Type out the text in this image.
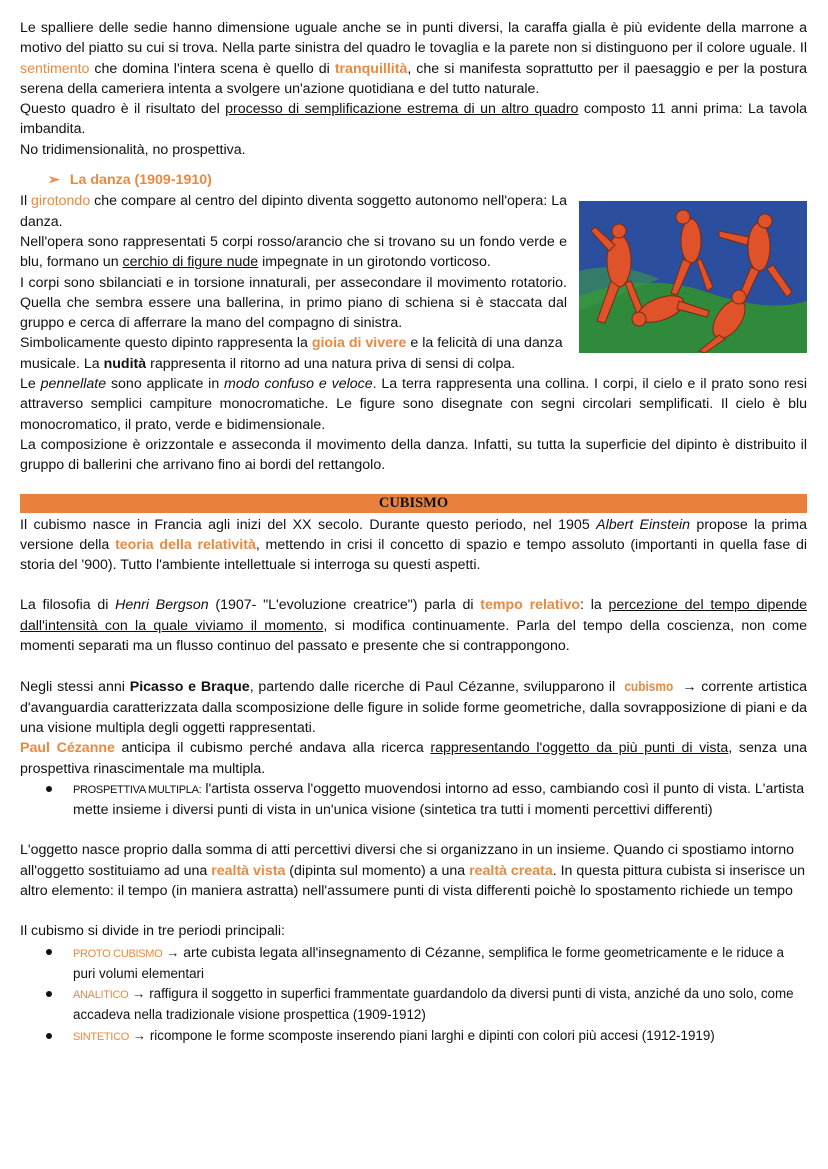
Le spalliere delle sedie hanno dimensione uguale anche se in punti diversi, la caraffa gialla è più evidente della marrone a motivo del piatto su cui si trova. Nella parte sinistra del quadro le tovaglia e la parete non si distinguono per il colore uguale. Il sentimento che domina l'intera scena è quello di tranquillità, che si manifesta soprattutto per il paesaggio e per la postura serena della cameriera intenta a svolgere un'azione quotidiana e del tutto naturale.

Questo quadro è il risultato del processo di semplificazione estrema di un altro quadro composto 11 anni prima: La tavola imbandita.

No tridimensionalità, no prospettiva.

➢ La danza (1909-1910)

Il girotondo che compare al centro del dipinto diventa soggetto autonomo nell'opera: La danza.

Nell'opera sono rappresentati 5 corpi rosso/arancio che si trovano su un fondo verde e blu, formano un cerchio di figure nude impegnate in un girotondo vorticoso.

I corpi sono sbilanciati e in torsione innaturali, per assecondare il movimento rotatorio. Quella che sembra essere una ballerina, in primo piano di schiena si è staccata dal gruppo e cerca di afferrare la mano del compagno di sinistra.

Simbolicamente questo dipinto rappresenta la gioia di vivere e la felicità di una danza musicale. La nudità rappresenta il ritorno ad una natura priva di sensi di colpa.

Le pennellate sono applicate in modo confuso e veloce. La terra rappresenta una collina. I corpi, il cielo e il prato sono resi attraverso semplici campiture monocromatiche. Le figure sono disegnate con segni circolari semplificati. Il cielo è blu monocromatico, il prato, verde e bidimensionale.

La composizione è orizzontale e asseconda il movimento della danza. Infatti, su tutta la superficie del dipinto è distribuito il gruppo di ballerini che arrivano fino ai bordi del rettangolo.

CUBISMO

Il cubismo nasce in Francia agli inizi del XX secolo. Durante questo periodo, nel 1905 Albert Einstein propose la prima versione della teoria della relatività, mettendo in crisi il concetto di spazio e tempo assoluto (importanti in quella fase di storia del '900). Tutto l'ambiente intellettuale si interroga su questi aspetti.

La filosofia di Henri Bergson (1907- "L'evoluzione creatrice") parla di tempo relativo: la percezione del tempo dipende dall'intensità con la quale viviamo il momento, si modifica continuamente. Parla del tempo della coscienza, non come momenti separati ma un flusso continuo del passato e presente che si contrappongono.

Negli stessi anni Picasso e Braque, partendo dalle ricerche di Paul Cézanne, svilupparono il cubismo → corrente artistica d'avanguardia caratterizzata dalla scomposizione delle figure in solide forme geometriche, dalla sovrapposizione di piani e da una visione multipla degli oggetti rappresentati.

Paul Cézanne anticipa il cubismo perché andava alla ricerca rappresentando l'oggetto da più punti di vista, senza una prospettiva rinascimentale ma multipla.

PROSPETTIVA MULTIPLA: l'artista osserva l'oggetto muovendosi intorno ad esso, cambiando così il punto di vista. L'artista mette insieme i diversi punti di vista in un'unica visione (sintetica tra tutti i momenti percettivi differenti)

L'oggetto nasce proprio dalla somma di atti percettivi diversi che si organizzano in un insieme. Quando ci spostiamo intorno all'oggetto sostituiamo ad una realtà vista (dipinta sul momento) a una realtà creata. In questa pittura cubista si inserisce un altro elemento: il tempo (in maniera astratta) nell'assumere punti di vista differenti poichè lo spostamento richiede un tempo

Il cubismo si divide in tre periodi principali:

PROTO CUBISMO → arte cubista legata all'insegnamento di Cézanne, semplifica le forme geometricamente e le riduce a puri volumi elementari
ANALITICO → raffigura il soggetto in superfici frammentate guardandolo da diversi punti di vista, anziché da uno solo, come accadeva nella tradizionale visione prospettica (1909-1912)
SINTETICO → ricompone le forme scomposte inserendo piani larghi e dipinti con colori più accesi (1912-1919)
